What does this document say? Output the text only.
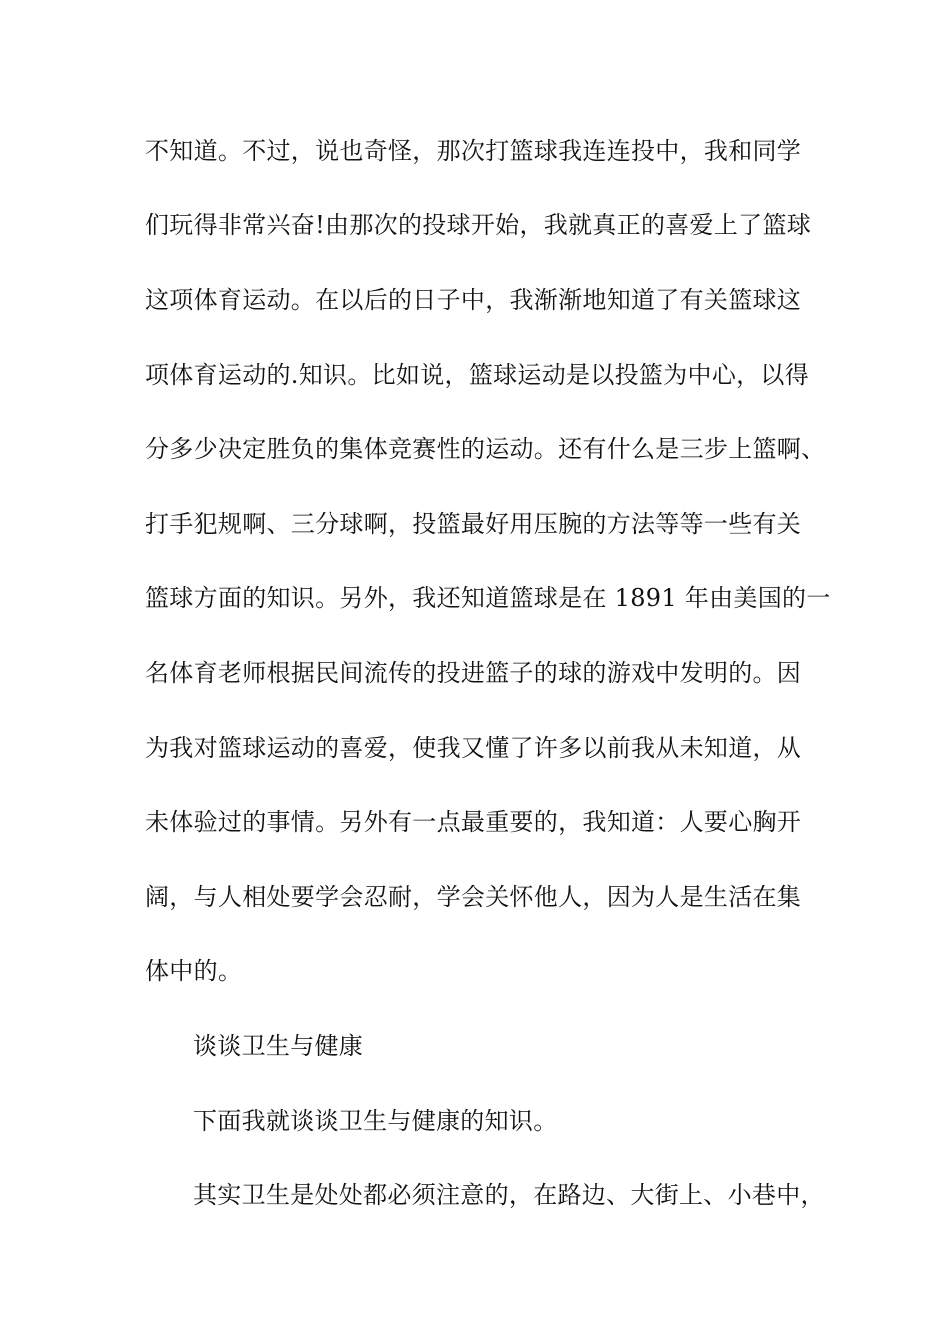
不知道。不过，说也奇怪，那次打篮球我连连投中，我和同学
们玩得非常兴奋!由那次的投球开始，我就真正的喜爱上了篮球
这项体育运动。在以后的日子中，我渐渐地知道了有关篮球这
项体育运动的.知识。比如说，篮球运动是以投篮为中心，以得
分多少决定胜负的集体竞赛性的运动。还有什么是三步上篮啊、
打手犯规啊、三分球啊，投篮最好用压腕的方法等等一些有关
篮球方面的知识。另外，我还知道篮球是在 1891 年由美国的一
名体育老师根据民间流传的投进篮子的球的游戏中发明的。因
为我对篮球运动的喜爱，使我又懂了许多以前我从未知道，从
未体验过的事情。另外有一点最重要的，我知道：人要心胸开
阔，与人相处要学会忍耐，学会关怀他人，因为人是生活在集
体中的。
谈谈卫生与健康
下面我就谈谈卫生与健康的知识。
其实卫生是处处都必须注意的，在路边、大街上、小巷中，
